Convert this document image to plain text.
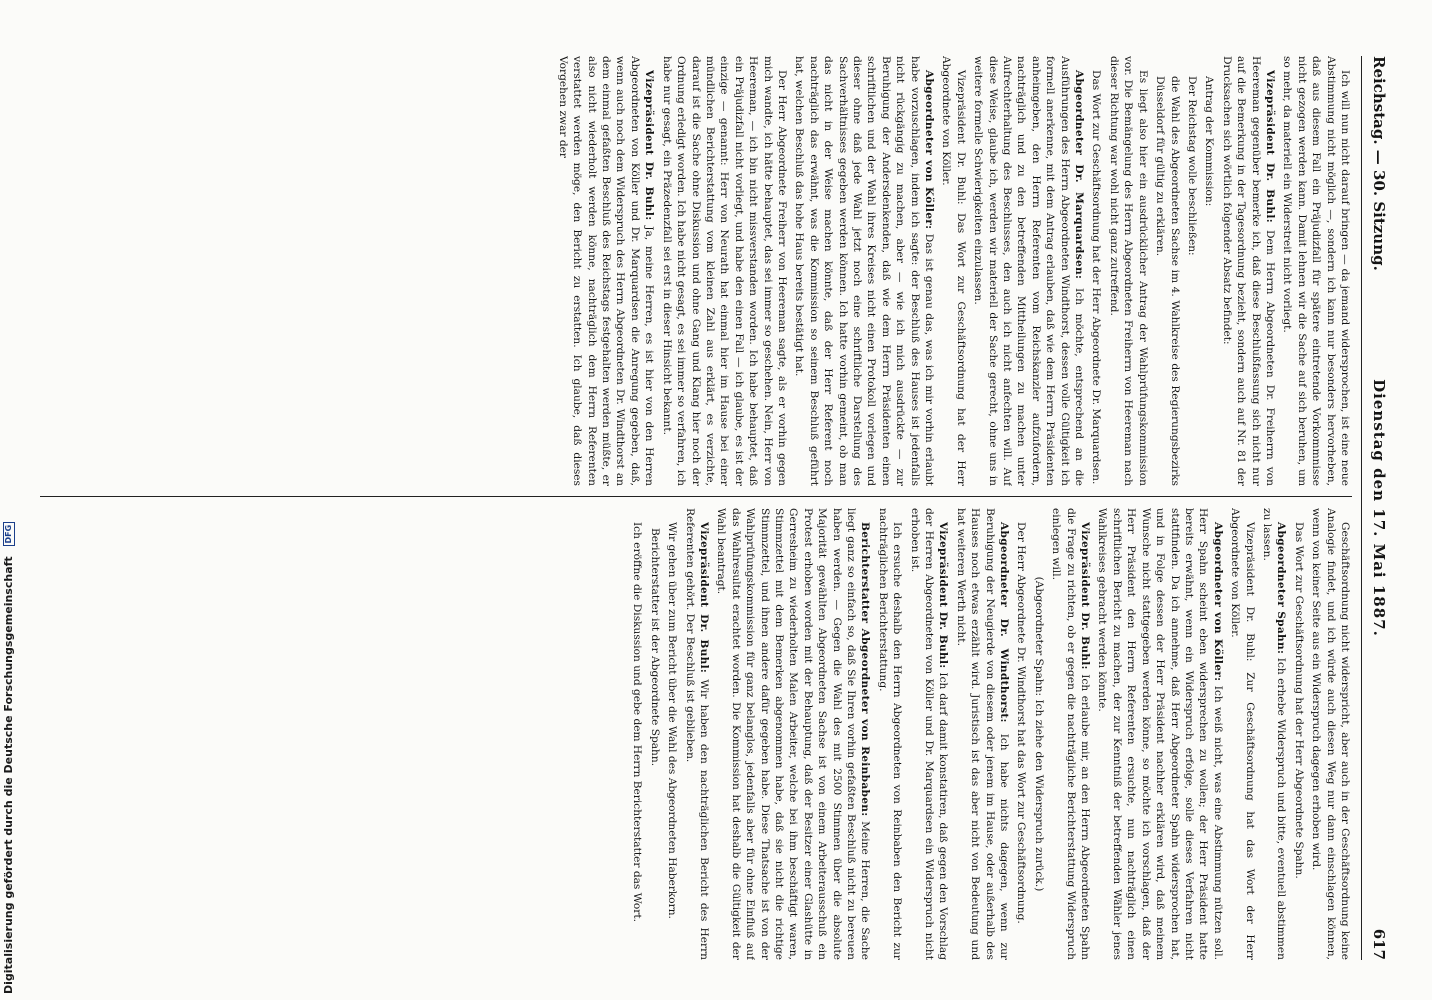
Reichstag. — 30. Sitzung.
Dienstag den 17. Mai 1887.
617

Ich will nun nicht darauf bringen — da jemand widersprochen, ist eine neue Abstimmung nicht möglich —, sondern ich kann nur besonders hervorheben, daß aus diesem Fall ein Präjudizfall für spätere eintretende Vorkommnisse nicht gezogen werden kann. Damit lehnen wir die Sache auf sich beruhen, um so mehr, da materiell ein Widerstreit nicht vorliegt.

Vizepräsident Dr. Buhl: Dem Herrn Abgeordneten Dr. Freiherrn von Heereman gegenüber bemerke ich, daß diese Beschlußfassung sich nicht nur auf die Bemerkung in der Tagesordnung bezieht, sondern auch auf Nr. 81 der Drucksachen sich wörtlich folgender Absatz befindet:

Antrag der Kommission:

Der Reichstag wolle beschließen:

die Wahl des Abgeordneten Sachse im 4. Wahlkreise des Regierungsbezirks Düsseldorf für gültig zu erklären.

Es liegt also hier ein ausdrücklicher Antrag der Wahlprüfungskommission vor. Die Bemängelung des Herrn Abgeordneten Freiherrn von Heereman nach dieser Richtung war wohl nicht ganz zutreffend.

Das Wort zur Geschäftsordnung hat der Herr Abgeordnete Dr. Marquardsen.

Abgeordneter Dr. Marquardsen: Ich möchte, entsprechend an die Ausführungen des Herrn Abgeordneten Windthorst, dessen volle Gültigkeit ich formell anerkenne, mit dem Antrag erlauben, daß wie dem Herrn Präsidenten anheimgeben, den Herrn Referenten vom Reichskanzler aufzufordern, nachträglich und zu den betreffenden Mittheilungen zu machen unter Aufrechterhaltung des Beschlusses, den auch ich nicht anfechten will. Auf diese Weise, glaube ich, werden wir materiell der Sache gerecht, ohne uns in weitere formelle Schwierigkeiten einzulassen.

Vizepräsident Dr. Buhl: Das Wort zur Geschäftsordnung hat der Herr Abgeordnete von Köller.

Abgeordneter von Köller: Das ist genau das, was ich mir vorhin erlaubt habe vorzuschlagen, indem ich sagte: der Beschluß des Hauses ist jedenfalls nicht rückgängig zu machen, aber — wie ich mich ausdrückte — zur Beruhigung der Andersdenkenden, daß wie dem Herrn Präsidenten einen schriftlichen und der Wahl ihres Kreises nicht einen Protokoll vorlegen und dieser ohne daß jede Wahl jetzt noch eine schriftliche Darstellung des Sachverhältnisses gegeben werden können. Ich hatte vorhin gemeint, ob man das nicht in der Weise machen könnte, daß der Herr Referent noch nachträglich das erwähnt, was die Kommission so seinem Beschluß geführt hat, welchen Beschluß das hohe Haus bereits bestätigt hat.

Der Herr Abgeordnete Freiherr von Heereman sagte, als er vorhin gegen mich wandte, ich hätte behauptet, das sei immer so geschehen. Nein, Herr von Heereman, — ich bin nicht missverstanden worden. Ich habe behauptet, daß ein Präjudizfall nicht vorliegt, und habe den einen Fall — ich glaube, es ist der einzige — genannt: Herr von Neurath hat einmal hier im Hause bei einer mündlichen Berichterstattung vom kleinen Zahl aus erklärt, es verzichte, darauf ist die Sache ohne Diskussion und ohne Gang und Klang hier noch der Ordnung erledigt worden. Ich habe nicht gesagt, es sei immer so verfahren, ich habe nur gesagt, ein Präzedenzfall sei erst in dieser Hinsicht bekannt.

Vizepräsident Dr. Buhl: Ja, meine Herren, es ist hier von den Herren Abgeordneten von Köller und Dr. Marquardsen die Anregung gegeben, daß, wenn auch noch dem Widerspruch des Herrn Abgeordneten Dr. Windthorst an dem einmal gefaßten Beschluß des Reichstags festgehalten werden müßte, er also nicht wiederholt werden könne, nachträglich dem Herrn Referenten verstattet werden möge, den Bericht zu erstatten. Ich glaube, daß dieses Vorgehen zwar der

Geschäftsordnung nicht widerspricht, aber auch in der Geschäftsordnung keine Analogie findet, und ich würde auch diesen Weg nur dann einschlagen können, wenn von keiner Seite aus ein Widerspruch dagegen erhoben wird.

Das Wort zur Geschäftsordnung hat der Herr Abgeordnete Spahn.

Abgeordneter Spahn: Ich erhebe Widerspruch und bitte, eventuell abstimmen zu lassen.

Vizepräsident Dr. Buhl: Zur Geschäftsordnung hat das Wort der Herr Abgeordnete von Köller.

Abgeordneter von Köller: Ich weiß nicht, was eine Abstimmung nützen soll. Herr Spahn scheint eben widersprechen zu wollen; der Herr Präsident hatte bereits erwähnt, wenn ein Widerspruch erfolge, solle dieses Verfahren nicht stattfinden. Da ich annehme, daß Herr Abgeordneter Spahn widersprochen hat, und in Folge dessen der Herr Präsident nachher erklären wird, daß meinem Wunsche nicht stattgegeben werden könne, so möchte ich vorschlagen, daß der Herr Präsident den Herrn Referenten ersuchte, nun nachträglich einen schriftlichen Bericht zu machen, der zur Kenntniß der betreffenden Wähler jenes Wahlkreises gebracht werden könnte.

Vizepräsident Dr. Buhl: Ich erlaube mir, an den Herrn Abgeordneten Spahn die Frage zu richten, ob er gegen die nachträgliche Berichterstattung Widerspruch einlegen will.

(Abgeordneter Spahn: Ich ziehe den Widerspruch zurück.)

Der Herr Abgeordnete Dr. Windthorst hat das Wort zur Geschäftsordnung.

Abgeordneter Dr. Windthorst: Ich habe nichts dagegen, wenn zur Beruhigung der Neugierde von diesem oder jenem im Hause, oder außerhalb des Hauses noch etwas erzählt wird. Juristisch ist das aber nicht von Bedeutung und hat weiteren Werth nicht.

Vizepräsident Dr. Buhl: Ich darf damit konstatiren, daß gegen den Vorschlag der Herren Abgeordneten von Köller und Dr. Marquardsen ein Widerspruch nicht erhoben ist.

Ich ersuche deshalb den Herrn Abgeordneten von Reinbaben den Bericht zur nachträglichen Berichterstattung.

Berichterstatter Abgeordneter von Reinbaben: Meine Herren, die Sache liegt ganz so einfach so, daß Sie Ihren vorhin gefaßten Beschluß nicht zu bereuen haben werden. — Gegen die Wahl des mit 2500 Stimmen über die absolute Majorität gewählten Abgeordneten Sachse ist von einem Arbeiterausschuß ein Protest erhoben worden mit der Behauptung, daß der Besitzer einer Glashütte in Gerresheim zu wiederholten Malen Arbeiter, welche bei ihm beschäftigt waren, Stimmzettel mit dem Bemerken abgenommen habe, daß sie nicht die richtige Stimmzettel, und ihnen andere dafür gegeben habe. Diese Thatsache ist von der Wahlprüfungskommission für ganz belanglos, jedenfalls aber für ohne Einfluß auf das Wahlresultat erachtet worden. Die Kommission hat deshalb die Gültigkeit der Wahl beantragt.

Vizepräsident Dr. Buhl: Wir haben den nachträglichen Bericht des Herrn Referenten gehört. Der Beschluß ist geblieben.

Wir gehen über zum Bericht über die Wahl des Abgeordneten Haberkorn.

Berichterstatter ist der Abgeordnete Spahn.

Ich eröffne die Diskussion und gebe dem Herrn Berichterstatter das Wort.

Digitalisierung gefördert durch die Deutsche Forschungsgemeinschaft DFG
